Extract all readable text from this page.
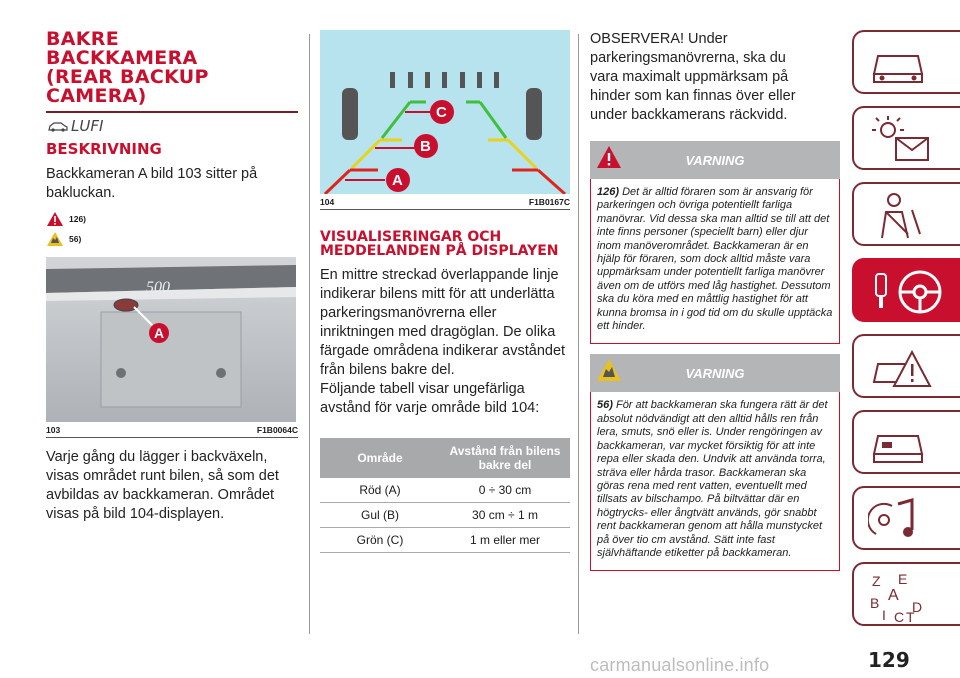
BAKRE
BACKKAMERA
(REAR BACKUP
CAMERA)
LUFI
BESKRIVNING
Backkameran A bild 103 sitter på bakluckan.
126)
56)
500
A
103	F1B0064C
Varje gång du lägger i backväxeln, visas området runt bilen, så som det avbildas av backkameran. Området visas på bild 104-displayen.
A
B
C
104	F1B0167C
VISUALISERINGAR OCH MEDDELANDEN PÅ DISPLAYEN
En mittre streckad överlappande linje indikerar bilens mitt för att underlätta parkeringsmanövrerna eller inriktningen med dragöglan. De olika färgade områdena indikerar avståndet från bilens bakre del.
Följande tabell visar ungefärliga avstånd för varje område bild 104:
Område	Avstånd från bilens bakre del
Röd (A)	0 ÷ 30 cm
Gul (B)	30 cm ÷ 1 m
Grön (C)	1 m eller mer
OBSERVERA! Under parkeringsmanövrerna, ska du vara maximalt uppmärksam på hinder som kan finnas över eller under backkamerans räckvidd.
VARNING
126) Det är alltid föraren som är ansvarig för parkeringen och övriga potentiellt farliga manövrar. Vid dessa ska man alltid se till att det inte finns personer (speciellt barn) eller djur inom manöverområdet. Backkameran är en hjälp för föraren, som dock alltid måste vara uppmärksam under potentiellt farliga manövrer även om de utförs med låg hastighet. Dessutom ska du köra med en måttlig hastighet för att kunna bromsa in i god tid om du skulle upptäcka ett hinder.
VARNING
56) För att backkameran ska fungera rätt är det absolut nödvändigt att den alltid hålls ren från lera, smuts, snö eller is. Under rengöringen av backkameran, var mycket försiktig för att inte repa eller skada den. Undvik att använda torra, sträva eller hårda trasor. Backkameran ska göras rena med rent vatten, eventuellt med tillsats av bilschampo. På biltvättar där en högtrycks- eller ångtvätt används, gör snabbt rent backkameran genom att hålla munstycket på över tio cm avstånd. Sätt inte fast självhäftande etiketter på backkameran.
Z E
B A
D
I C T
129
carmanualsonline.info
